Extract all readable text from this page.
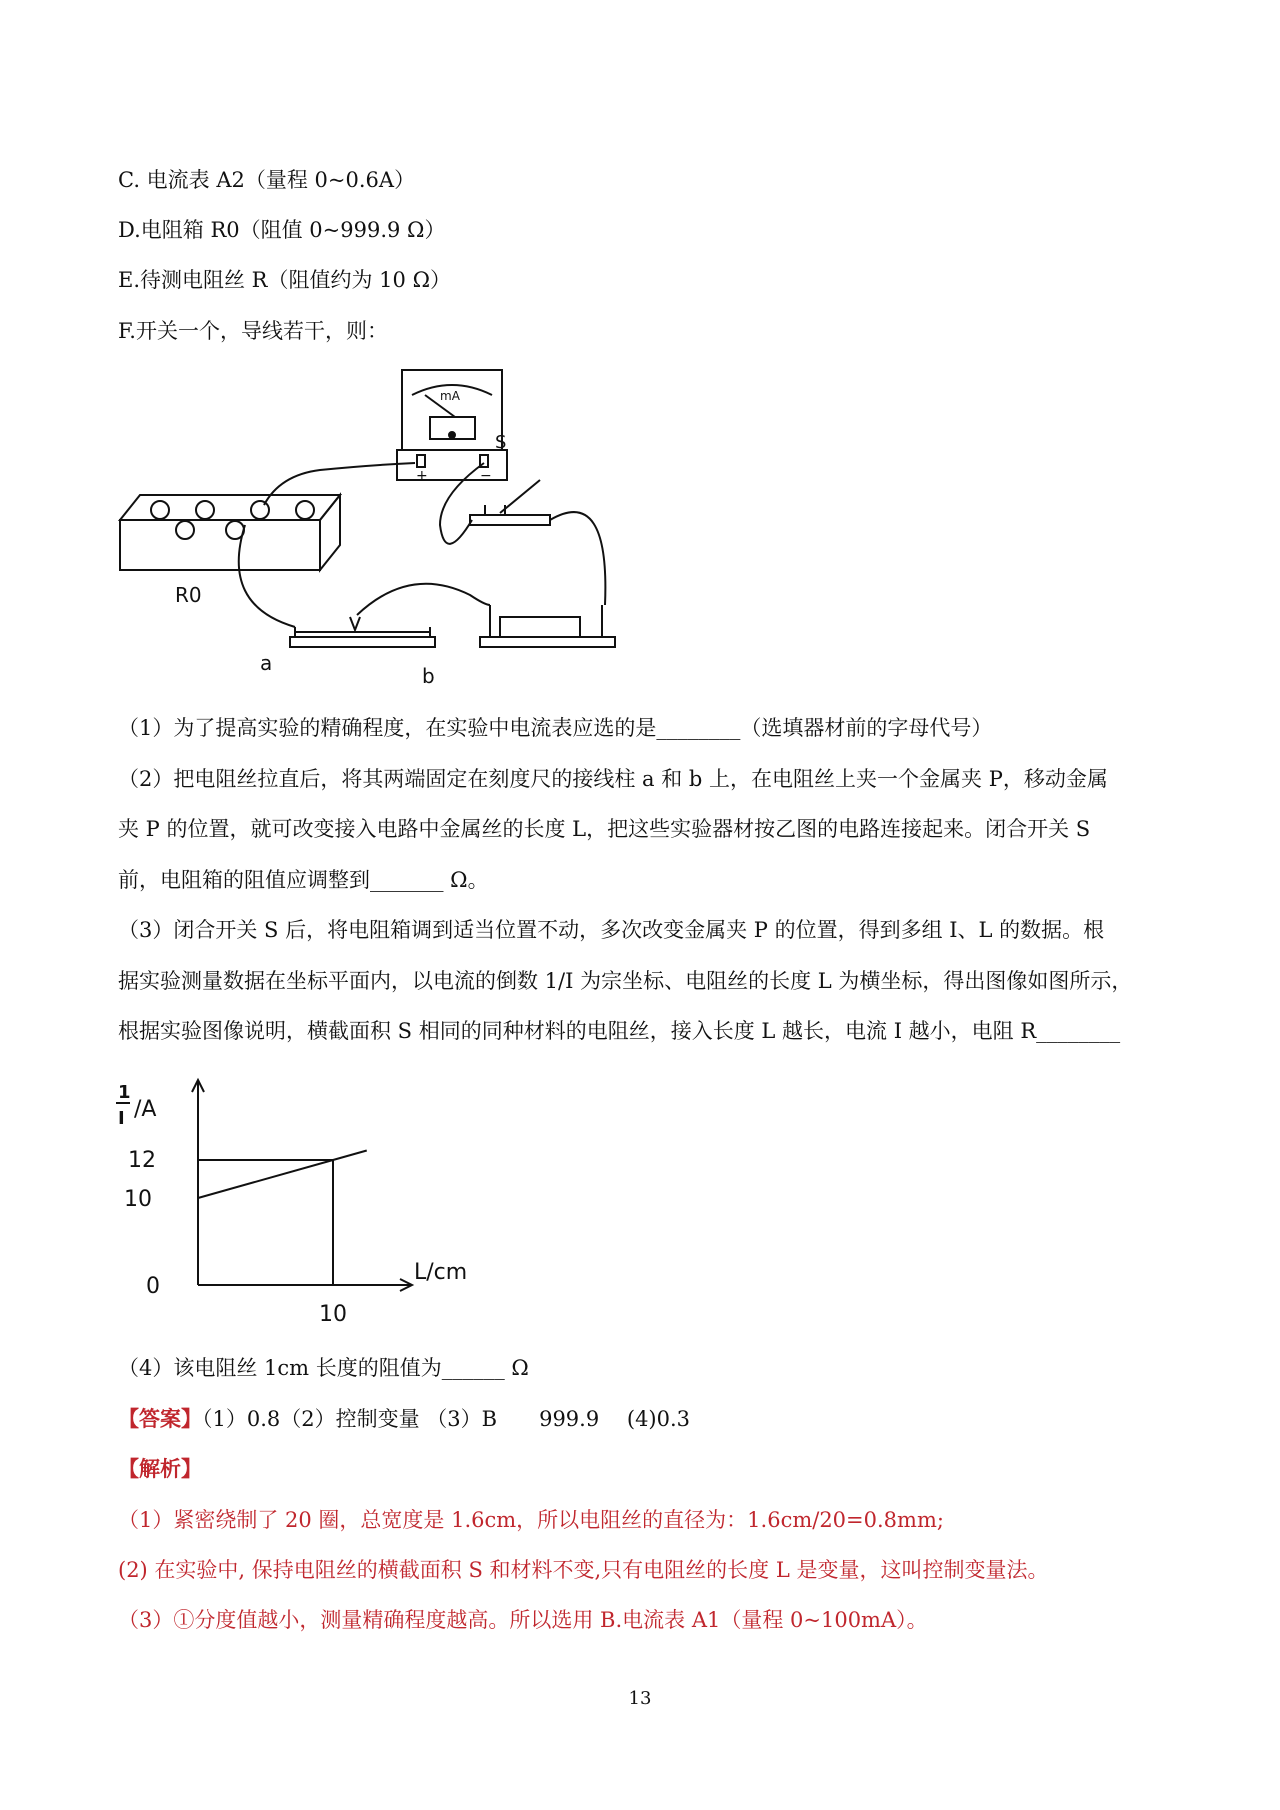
C. 电流表 A2（量程 0~0.6A）
D.电阻箱 R0（阻值 0~999.9 Ω）
E.待测电阻丝 R（阻值约为 10 Ω）
F.开关一个，导线若干，则：
S
mA
+	−
R0
a
b
（1）为了提高实验的精确程度，在实验中电流表应选的是________（选填器材前的字母代号）
（2）把电阻丝拉直后，将其两端固定在刻度尺的接线柱 a 和 b 上，在电阻丝上夹一个金属夹 P，移动金属
夹 P 的位置，就可改变接入电路中金属丝的长度 L，把这些实验器材按乙图的电路连接起来。闭合开关 S
前，电阻箱的阻值应调整到_______ Ω。
（3）闭合开关 S 后，将电阻箱调到适当位置不动，多次改变金属夹 P 的位置，得到多组 I、L 的数据。根
据实验测量数据在坐标平面内，以电流的倒数 1/I 为宗坐标、电阻丝的长度 L 为横坐标，得出图像如图所示，
根据实验图像说明，横截面积 S 相同的同种材料的电阻丝，接入长度 L 越长，电流 I 越小，电阻 R________
1
I /A
12
10
0
10
L/cm
（4）该电阻丝 1cm 长度的阻值为______ Ω
【答案】（1）0.8（2）控制变量 （3）B　　999.9　 (4)0.3
【解析】
（1）紧密绕制了 20 圈，总宽度是 1.6cm，所以电阻丝的直径为：1.6cm/20=0.8mm;
(2) 在实验中, 保持电阻丝的横截面积 S 和材料不变,只有电阻丝的长度 L 是变量，这叫控制变量法。
（3）①分度值越小，测量精确程度越高。所以选用 B.电流表 A1（量程 0~100mA）。
13
